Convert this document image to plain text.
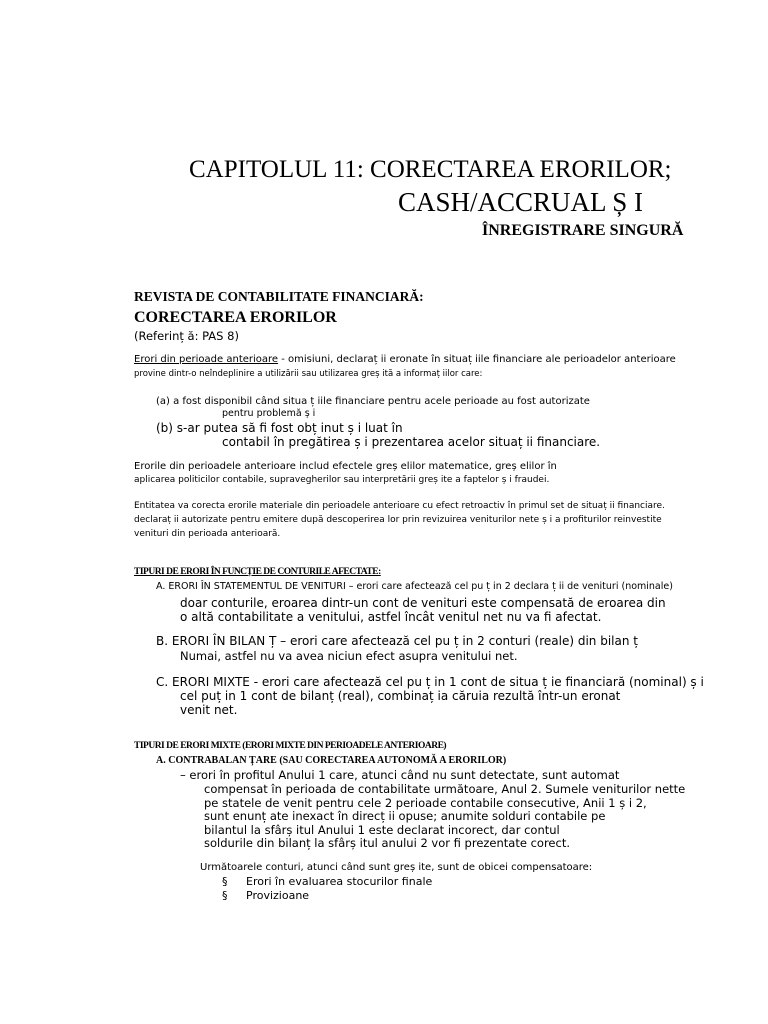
CAPITOLUL 11: CORECTAREA ERORILOR;
CASH/ACCRUAL Ș I
ÎNREGISTRARE SINGURĂ
REVISTA DE CONTABILITATE FINANCIARĂ:
CORECTAREA ERORILOR
(Referinț ă: PAS 8)
Erori din perioade anterioare - omisiuni, declaraț ii eronate în situaț iile financiare ale perioadelor anterioare
provine dintr-o neîndeplinire a utilizării sau utilizarea greș ită a informaț iilor care:
(a) a fost disponibil când situa ț iile financiare pentru acele perioade au fost autorizate
pentru problemă ș i
(b) s-ar putea să fi fost obț inut ș i luat în
contabil în pregătirea ș i prezentarea acelor situaț ii financiare.
Erorile din perioadele anterioare includ efectele greș elilor matematice, greș elilor în
aplicarea politicilor contabile, supravegherilor sau interpretării greș ite a faptelor ș i fraudei.
Entitatea va corecta erorile materiale din perioadele anterioare cu efect retroactiv în primul set de situaț ii financiare.
declaraț ii autorizate pentru emitere după descoperirea lor prin revizuirea veniturilor nete ș i a profiturilor reinvestite
venituri din perioada anterioară.
TIPURI DE ERORI ÎN FUNCȚIE DE CONTURILE AFECTATE:
A. ERORI ÎN STATEMENTUL DE VENITURI – erori care afectează cel pu ț in 2 declara ț ii de venituri (nominale)
doar conturile, eroarea dintr-un cont de venituri este compensată de eroarea din
o altă contabilitate a venitului, astfel încât venitul net nu va fi afectat.
B. ERORI ÎN BILAN Ț – erori care afectează cel pu ț in 2 conturi (reale) din bilan ț
Numai, astfel nu va avea niciun efect asupra venitului net.
C. ERORI MIXTE - erori care afectează cel pu ț in 1 cont de situa ț ie financiară (nominal) ș i
cel puț in 1 cont de bilanț (real), combinaț ia căruia rezultă într-un eronat
venit net.
TIPURI DE ERORI MIXTE (ERORI MIXTE DIN PERIOADELE ANTERIOARE)
A. CONTRABALAN ȚARE (SAU CORECTAREA AUTONOMĂ A ERORILOR)
– erori în profitul Anului 1 care, atunci când nu sunt detectate, sunt automat
compensat în perioada de contabilitate următoare, Anul 2. Sumele veniturilor nette
pe statele de venit pentru cele 2 perioade contabile consecutive, Anii 1 ș i 2,
sunt enunț ate inexact în direcț ii opuse; anumite solduri contabile pe
bilantul la sfârș itul Anului 1 este declarat incorect, dar contul
soldurile din bilanț la sfârș itul anului 2 vor fi prezentate corect.
Următoarele conturi, atunci când sunt greș ite, sunt de obicei compensatoare:
§ Erori în evaluarea stocurilor finale
§ Provizioane
